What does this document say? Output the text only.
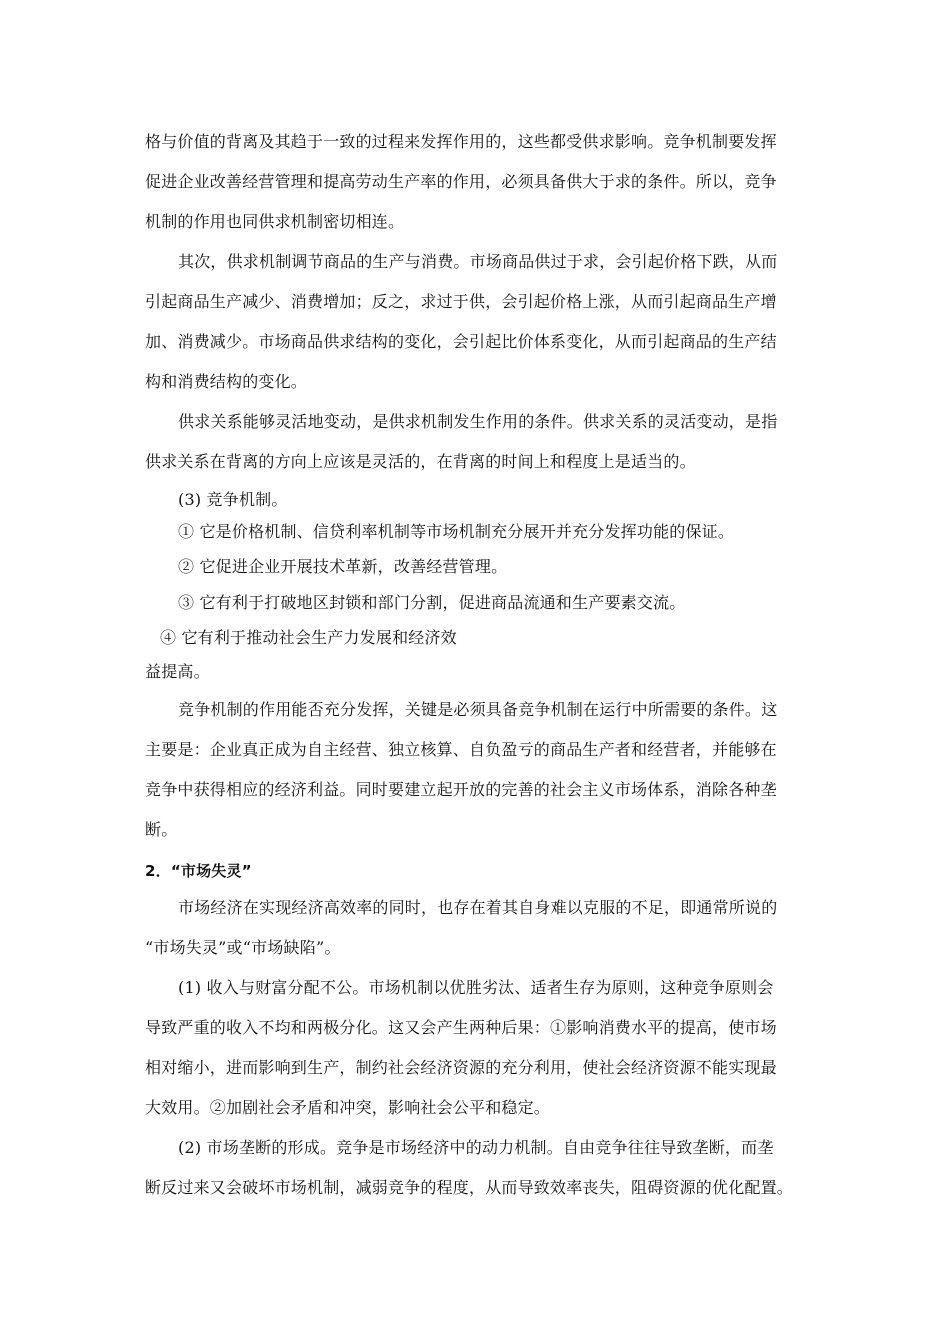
格与价值的背离及其趋于一致的过程来发挥作用的，这些都受供求影响。竞争机制要发挥
促进企业改善经营管理和提高劳动生产率的作用，必须具备供大于求的条件。所以，竞争
机制的作用也同供求机制密切相连。
其次，供求机制调节商品的生产与消费。市场商品供过于求，会引起价格下跌，从而
引起商品生产减少、消费增加；反之，求过于供，会引起价格上涨，从而引起商品生产增
加、消费减少。市场商品供求结构的变化，会引起比价体系变化，从而引起商品的生产结
构和消费结构的变化。
供求关系能够灵活地变动，是供求机制发生作用的条件。供求关系的灵活变动，是指
供求关系在背离的方向上应该是灵活的，在背离的时间上和程度上是适当的。
(3) 竞争机制。
① 它是价格机制、信贷利率机制等市场机制充分展开并充分发挥功能的保证。
② 它促进企业开展技术革新，改善经营管理。
③ 它有利于打破地区封锁和部门分割，促进商品流通和生产要素交流。
④ 它有利于推动社会生产力发展和经济效
益提高。
竞争机制的作用能否充分发挥，关键是必须具备竞争机制在运行中所需要的条件。这
主要是：企业真正成为自主经营、独立核算、自负盈亏的商品生产者和经营者，并能够在
竞争中获得相应的经济利益。同时要建立起开放的完善的社会主义市场体系，消除各种垄
断。
2．“市场失灵”
市场经济在实现经济高效率的同时，也存在着其自身难以克服的不足，即通常所说的
“市场失灵”或“市场缺陷”。
(1) 收入与财富分配不公。市场机制以优胜劣汰、适者生存为原则，这种竞争原则会
导致严重的收入不均和两极分化。这又会产生两种后果：①影响消费水平的提高，使市场
相对缩小，进而影响到生产，制约社会经济资源的充分利用，使社会经济资源不能实现最
大效用。②加剧社会矛盾和冲突，影响社会公平和稳定。
(2) 市场垄断的形成。竞争是市场经济中的动力机制。自由竞争往往导致垄断，而垄
断反过来又会破坏市场机制，减弱竞争的程度，从而导致效率丧失，阻碍资源的优化配置。
